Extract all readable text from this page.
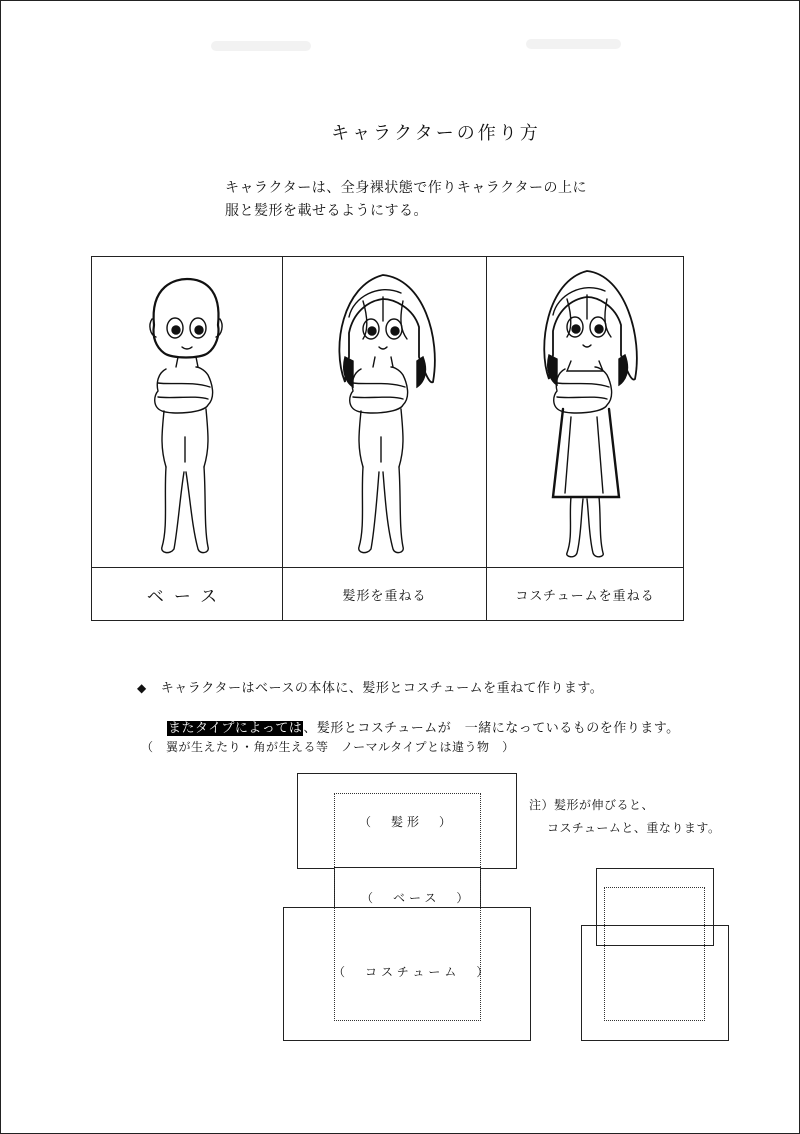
キャラクターの作り方
キャラクターは、全身裸状態で作りキャラクターの上に
服と髪形を載せるようにする。
ベース	髪形を重ねる	コスチュームを重ねる
◆ キャラクターはベースの本体に、髪形とコスチュームを重ねて作ります。
またタイプによっては、髪形とコスチュームが　一緒になっているものを作ります。
（　翼が生えたり・角が生える等　ノーマルタイプとは違う物　）
（　髪形　）
（　ベース　）
（　コスチューム　）
注）髪形が伸びると、
コスチュームと、重なります。
